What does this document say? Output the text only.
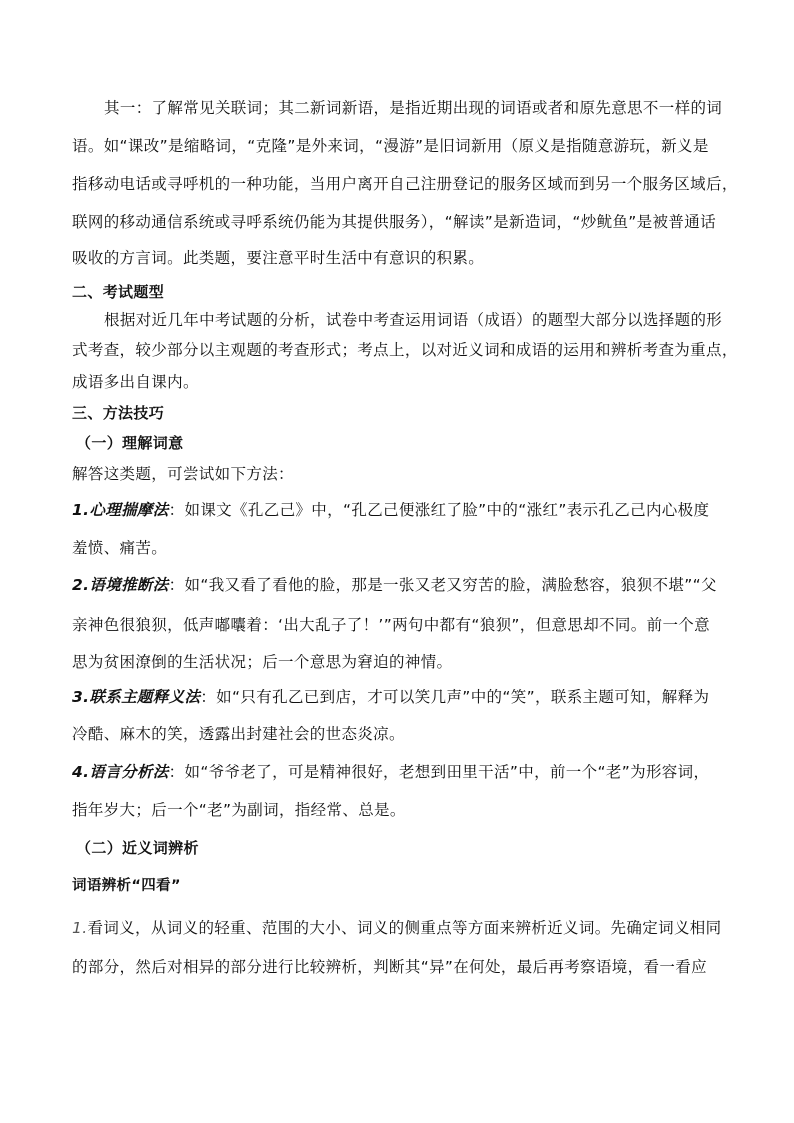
其一：了解常见关联词；其二新词新语，是指近期出现的词语或者和原先意思不一样的词
语。如“课改”是缩略词，“克隆”是外来词，“漫游”是旧词新用（原义是指随意游玩，新义是
指移动电话或寻呼机的一种功能，当用户离开自己注册登记的服务区域而到另一个服务区域后，
联网的移动通信系统或寻呼系统仍能为其提供服务），“解读”是新造词，“炒鱿鱼”是被普通话
吸收的方言词。此类题，要注意平时生活中有意识的积累。
二、考试题型
根据对近几年中考试题的分析，试卷中考查运用词语（成语）的题型大部分以选择题的形
式考查，较少部分以主观题的考查形式；考点上，以对近义词和成语的运用和辨析考查为重点，
成语多出自课内。
三、方法技巧
（一）理解词意
解答这类题，可尝试如下方法：
1.心理揣摩法：如课文《孔乙己》中，“孔乙己便涨红了脸”中的“涨红”表示孔乙己内心极度
羞愤、痛苦。
2.语境推断法：如“我又看了看他的脸，那是一张又老又穷苦的脸，满脸愁容，狼狈不堪”“父
亲神色很狼狈，低声嘟囔着：‘出大乱子了！’”两句中都有“狼狈”，但意思却不同。前一个意
思为贫困潦倒的生活状况；后一个意思为窘迫的神情。
3.联系主题释义法：如“只有孔乙已到店，才可以笑几声”中的“笑”，联系主题可知，解释为
冷酷、麻木的笑，透露出封建社会的世态炎凉。
4.语言分析法：如“爷爷老了，可是精神很好，老想到田里干活”中，前一个“老”为形容词，
指年岁大；后一个“老”为副词，指经常、总是。
（二）近义词辨析
词语辨析“四看”
1.看词义，从词义的轻重、范围的大小、词义的侧重点等方面来辨析近义词。先确定词义相同
的部分，然后对相异的部分进行比较辨析，判断其“异”在何处，最后再考察语境，看一看应
